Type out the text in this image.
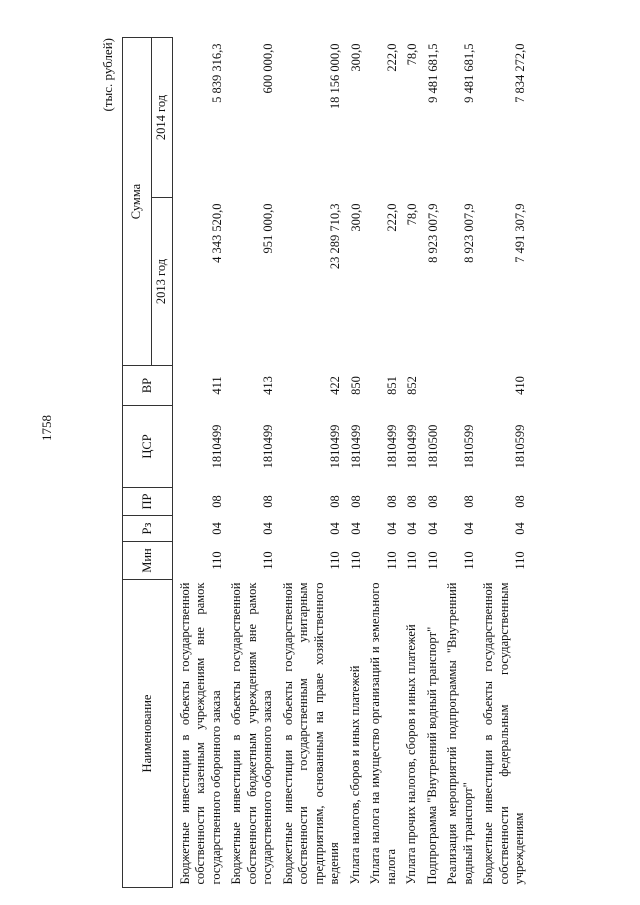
1758
(тыс. рублей)
Наименование	Мин	Рз	ПР	ЦСР	ВР	Сумма	
						2013 год	2014 год
Бюджетные инвестиции в объекты государственной собственности казенным учреждениям вне рамок государственного оборонного заказа	110	04	08	1810499	411	4 343 520,0	5 839 316,3
Бюджетные инвестиции в объекты государственной собственности бюджетным учреждениям вне рамок государственного оборонного заказа	110	04	08	1810499	413	951 000,0	600 000,0
Бюджетные инвестиции в объекты государственной собственности государственным унитарным предприятиям, основанным на праве хозяйственного ведения	110	04	08	1810499	422	23 289 710,3	18 156 000,0
Уплата налогов, сборов и иных платежей	110	04	08	1810499	850	300,0	300,0
Уплата налога на имущество организаций и земельного налога	110	04	08	1810499	851	222,0	222,0
Уплата прочих налогов, сборов и иных платежей	110	04	08	1810499	852	78,0	78,0
Подпрограмма "Внутренний водный транспорт"	110	04	08	1810500		8 923 007,9	9 481 681,5
Реализация мероприятий подпрограммы "Внутренний водный транспорт"	110	04	08	1810599		8 923 007,9	9 481 681,5
Бюджетные инвестиции в объекты государственной собственности федеральным государственным учреждениям	110	04	08	1810599	410	7 491 307,9	7 834 272,0
